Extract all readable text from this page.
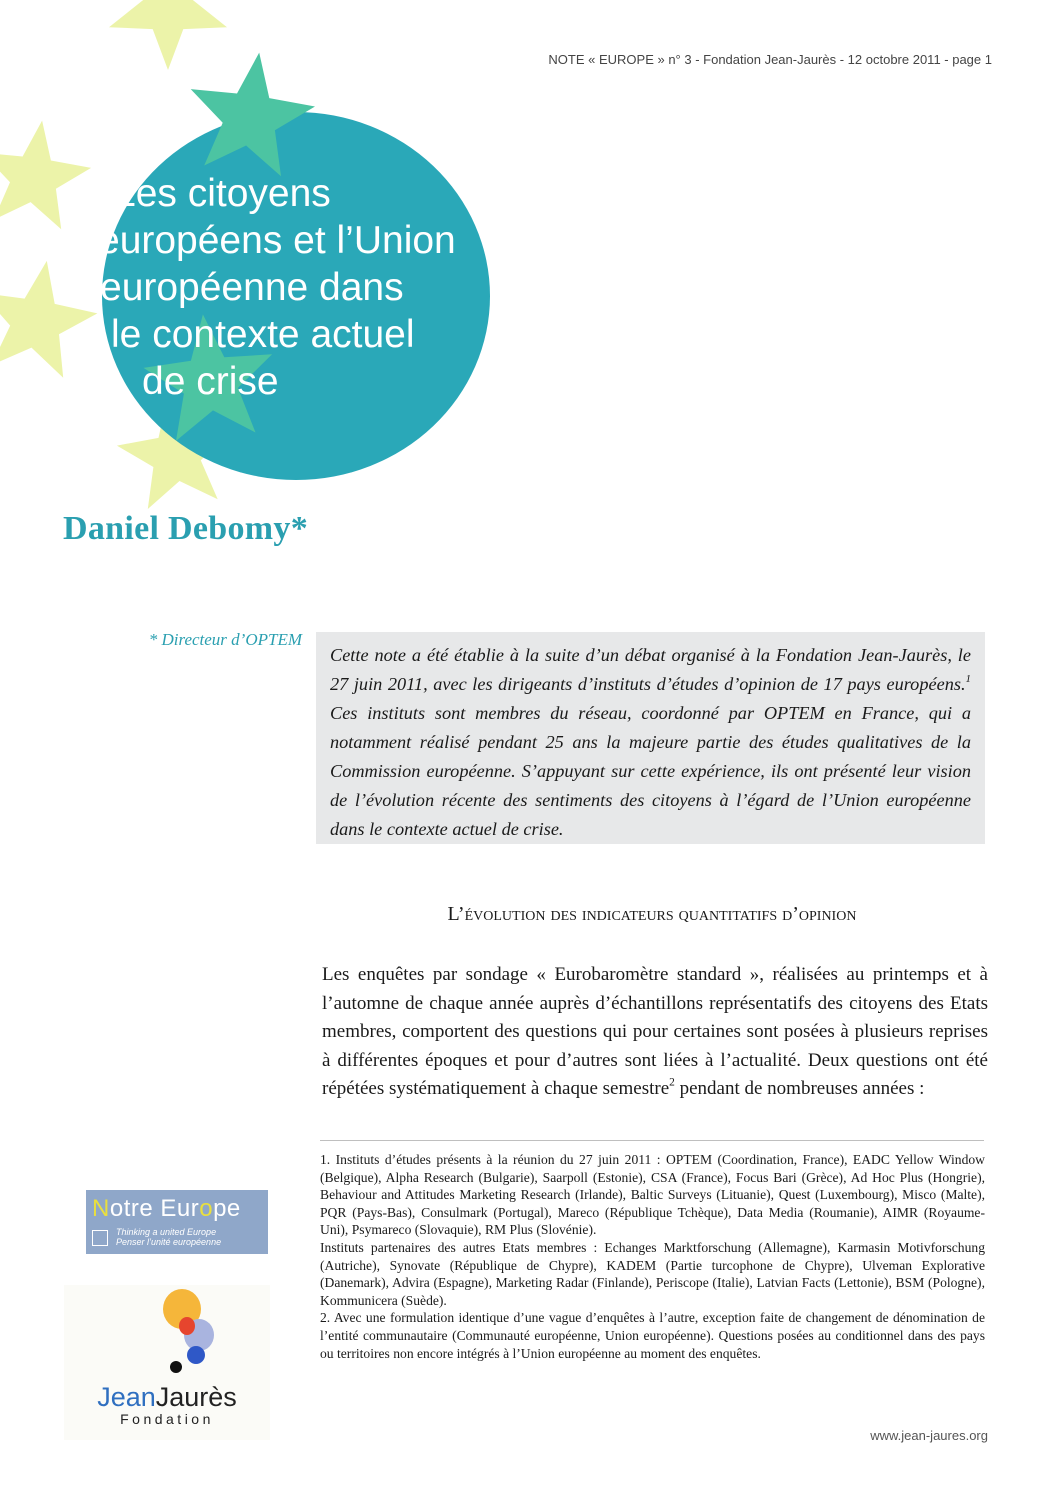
NOTE « EUROPE » n° 3 - Fondation Jean-Jaurès - 12 octobre 2011 - page 1
Les citoyens
européens et l’Union
européenne dans
le contexte actuel
de crise
Daniel Debomy*
* Directeur d’OPTEM
Cette note a été établie à la suite d’un débat organisé à la Fondation Jean-Jaurès, le 27 juin 2011, avec les dirigeants d’instituts d’études d’opinion de 17 pays européens.$^1$ Ces instituts sont membres du réseau, coordonné par OPTEM en France, qui a notamment réalisé pendant 25 ans la majeure partie des études qualitatives de la Commission européenne. S’appuyant sur cette expérience, ils ont présenté leur vision de l’évolution récente des sentiments des citoyens à l’égard de l’Union européenne dans le contexte actuel de crise.
L’évolution des indicateurs quantitatifs d’opinion

Les enquêtes par sondage « Eurobaromètre standard », réalisées au printemps et à l’automne de chaque année auprès d’échantillons représentatifs des citoyens des Etats membres, comportent des questions qui pour certaines sont posées à plusieurs reprises à différentes époques et pour d’autres sont liées à l’actualité. Deux questions ont été répétées systématiquement à chaque semestre$^2$ pendant de nombreuses années :

1. Instituts d’études présents à la réunion du 27 juin 2011 : OPTEM (Coordination, France), EADC Yellow Window (Belgique), Alpha Research (Bulgarie), Saarpoll (Estonie), CSA (France), Focus Bari (Grèce), Ad Hoc Plus (Hongrie), Behaviour and Attitudes Marketing Research (Irlande), Baltic Surveys (Lituanie), Quest (Luxembourg), Misco (Malte), PQR (Pays-Bas), Consulmark (Portugal), Mareco (République Tchèque), Data Media (Roumanie), AIMR (Royaume-Uni), Psymareco (Slovaquie), RM Plus (Slovénie).

Instituts partenaires des autres Etats membres : Echanges Marktforschung (Allemagne), Karmasin Motivforschung (Autriche), Synovate (République de Chypre), KADEM (Partie turcophone de Chypre), Ulveman Explorative (Danemark), Advira (Espagne), Marketing Radar (Finlande), Periscope (Italie), Latvian Facts (Lettonie), BSM (Pologne), Kommunicera (Suède).

2. Avec une formulation identique d’une vague d’enquêtes à l’autre, exception faite de changement de dénomination de l’entité communautaire (Communauté européenne, Union européenne). Questions posées au conditionnel dans des pays ou territoires non encore intégrés à l’Union européenne au moment des enquêtes.

Notre Europe
Thinking a united Europe
Penser l’unité européenne
JeanJaurès
Fondation
www.jean-jaures.org
